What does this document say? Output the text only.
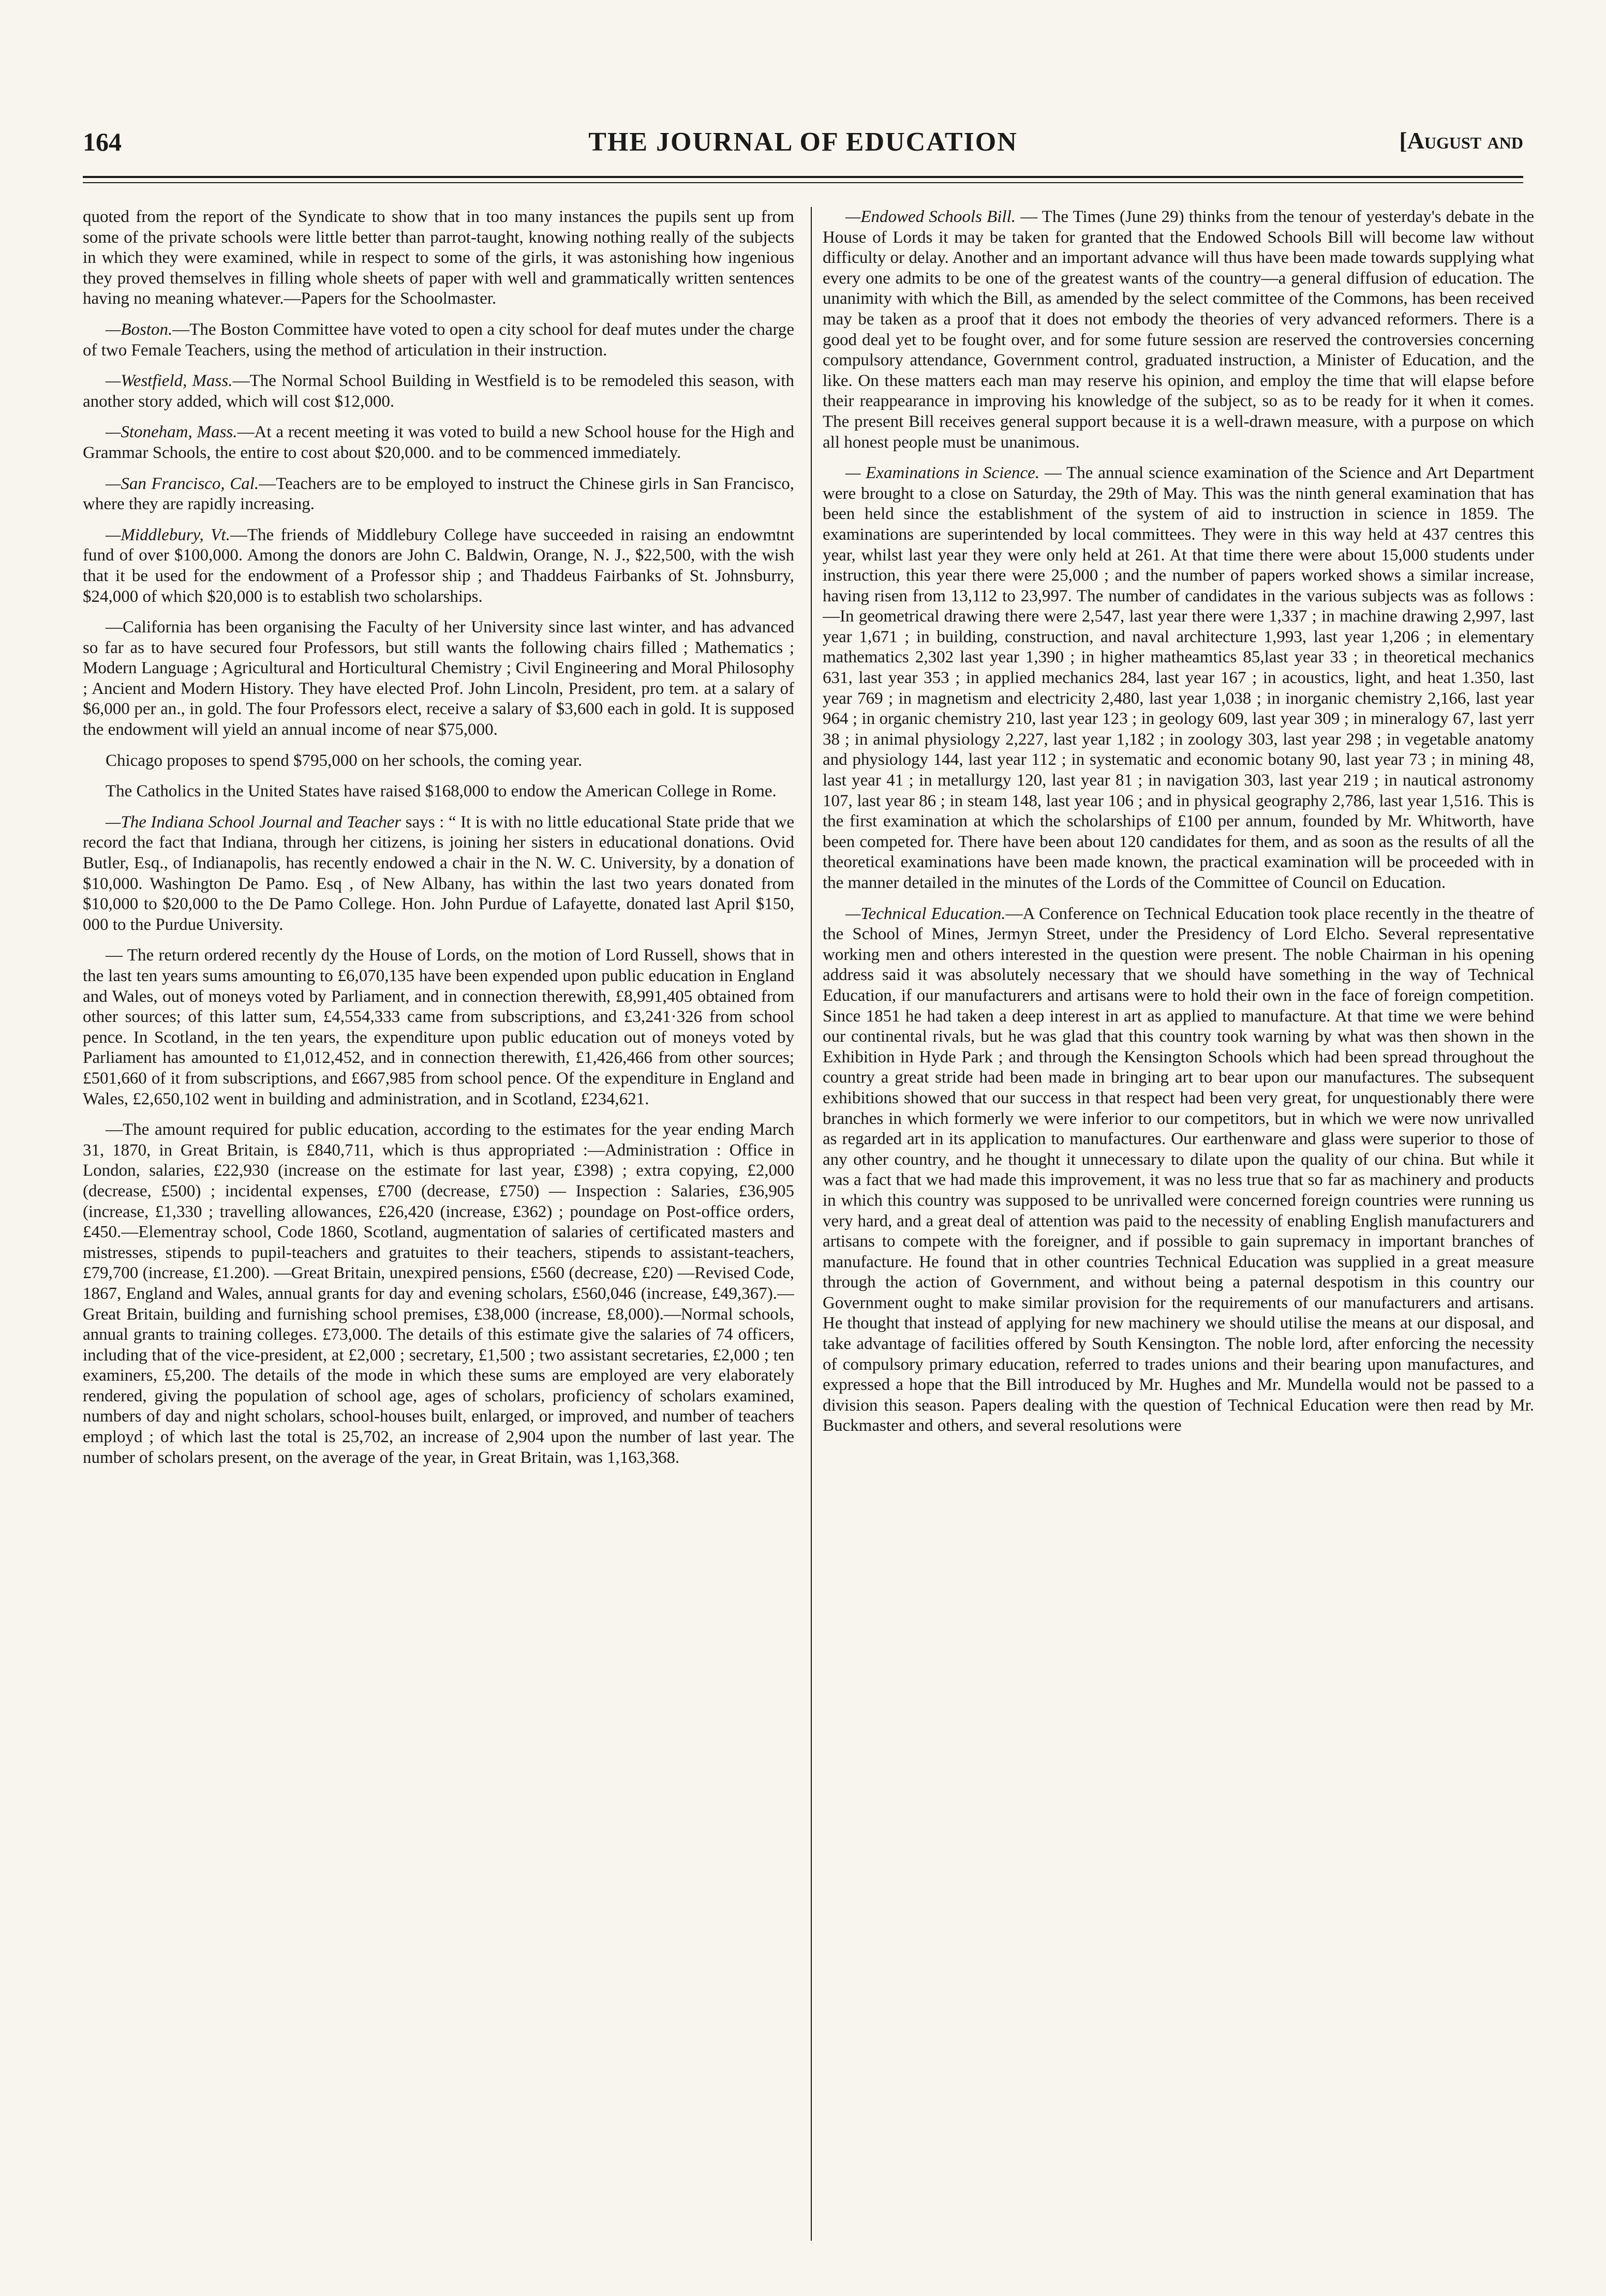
164	THE JOURNAL OF EDUCATION	[August and

quoted from the report of the Syndicate to show that in too many instances the pupils sent up from some of the private schools were little better than parrot-taught, knowing nothing really of the subjects in which they were examined, while in respect to some of the girls, it was astonishing how ingenious they proved themselves in filling whole sheets of paper with well and grammatically written sentences having no meaning whatever.—Papers for the Schoolmaster.

—Boston.—The Boston Committee have voted to open a city school for deaf mutes under the charge of two Female Teachers, using the method of articulation in their instruction.

—Westfield, Mass.—The Normal School Building in Westfield is to be remodeled this season, with another story added, which will cost $12,000.

—Stoneham, Mass.—At a recent meeting it was voted to build a new School house for the High and Grammar Schools, the entire to cost about $20,000. and to be commenced immediately.

—San Francisco, Cal.—Teachers are to be employed to instruct the Chinese girls in San Francisco, where they are rapidly increasing.

—Middlebury, Vt.—The friends of Middlebury College have succeeded in raising an endowmtnt fund of over $100,000. Among the donors are John C. Baldwin, Orange, N. J., $22,500, with the wish that it be used for the endowment of a Professor ship ; and Thaddeus Fairbanks of St. Johnsburry, $24,000 of which $20,000 is to establish two scholarships.

—California has been organising the Faculty of her University since last winter, and has advanced so far as to have secured four Professors, but still wants the following chairs filled ; Mathematics ; Modern Language ; Agricultural and Horticultural Chemistry ; Civil Engineering and Moral Philosophy ; Ancient and Modern History. They have elected Prof. John Lincoln, President, pro tem. at a salary of $6,000 per an., in gold. The four Professors elect, receive a salary of $3,600 each in gold. It is supposed the endowment will yield an annual income of near $75,000.

Chicago proposes to spend $795,000 on her schools, the coming year.

The Catholics in the United States have raised $168,000 to endow the American College in Rome.

—The Indiana School Journal and Teacher says : “ It is with no little educational State pride that we record the fact that Indiana, through her citizens, is joining her sisters in educational donations. Ovid Butler, Esq., of Indianapolis, has recently endowed a chair in the N. W. C. University, by a donation of $10,000. Washington De Pamo. Esq , of New Albany, has within the last two years donated from $10,000 to $20,000 to the De Pamo College. Hon. John Purdue of Lafayette, donated last April $150, 000 to the Purdue University.

— The return ordered recently dy the House of Lords, on the motion of Lord Russell, shows that in the last ten years sums amounting to £6,070,135 have been expended upon public education in England and Wales, out of moneys voted by Parliament, and in connection therewith, £8,991,405 obtained from other sources; of this latter sum, £4,554,333 came from subscriptions, and £3,241·326 from school pence. In Scotland, in the ten years, the expenditure upon public education out of moneys voted by Parliament has amounted to £1,012,452, and in connection therewith, £1,426,466 from other sources; £501,660 of it from subscriptions, and £667,985 from school pence. Of the expenditure in England and Wales, £2,650,102 went in building and administration, and in Scotland, £234,621.

—The amount required for public education, according to the estimates for the year ending March 31, 1870, in Great Britain, is £840,711, which is thus appropriated :—Administration : Office in London, salaries, £22,930 (increase on the estimate for last year, £398) ; extra copying, £2,000 (decrease, £500) ; incidental expenses, £700 (decrease, £750) — Inspection : Salaries, £36,905 (increase, £1,330 ; travelling allowances, £26,420 (increase, £362) ; poundage on Post-office orders, £450.—Elementray school, Code 1860, Scotland, augmentation of salaries of certificated masters and mistresses, stipends to pupil-teachers and gratuites to their teachers, stipends to assistant-teachers, £79,700 (increase, £1.200). —Great Britain, unexpired pensions, £560 (decrease, £20) —Revised Code, 1867, England and Wales, annual grants for day and evening scholars, £560,046 (increase, £49,367).—Great Britain, building and furnishing school premises, £38,000 (increase, £8,000).—Normal schools, annual grants to training colleges. £73,000. The details of this estimate give the salaries of 74 officers, including that of the vice-president, at £2,000 ; secretary, £1,500 ; two assistant secretaries, £2,000 ; ten examiners, £5,200. The details of the mode in which these sums are employed are very elaborately rendered, giving the population of school age, ages of scholars, proficiency of scholars examined, numbers of day and night scholars, school-houses built, enlarged, or improved, and number of teachers employd ; of which last the total is 25,702, an increase of 2,904 upon the number of last year. The number of scholars present, on the average of the year, in Great Britain, was 1,163,368.

—Endowed Schools Bill. — The Times (June 29) thinks from the tenour of yesterday's debate in the House of Lords it may be taken for granted that the Endowed Schools Bill will become law without difficulty or delay. Another and an important advance will thus have been made towards supplying what every one admits to be one of the greatest wants of the country—a general diffusion of education. The unanimity with which the Bill, as amended by the select committee of the Commons, has been received may be taken as a proof that it does not embody the theories of very advanced reformers. There is a good deal yet to be fought over, and for some future session are reserved the controversies concerning compulsory attendance, Government control, graduated instruction, a Minister of Education, and the like. On these matters each man may reserve his opinion, and employ the time that will elapse before their reappearance in improving his knowledge of the subject, so as to be ready for it when it comes. The present Bill receives general support because it is a well-drawn measure, with a purpose on which all honest people must be unanimous.

— Examinations in Science. — The annual science examination of the Science and Art Department were brought to a close on Saturday, the 29th of May. This was the ninth general examination that has been held since the establishment of the system of aid to instruction in science in 1859. The examinations are superintended by local committees. They were in this way held at 437 centres this year, whilst last year they were only held at 261. At that time there were about 15,000 students under instruction, this year there were 25,000 ; and the number of papers worked shows a similar increase, having risen from 13,112 to 23,997. The number of candidates in the various subjects was as follows :—In geometrical drawing there were 2,547, last year there were 1,337 ; in machine drawing 2,997, last year 1,671 ; in building, construction, and naval architecture 1,993, last year 1,206 ; in elementary mathematics 2,302 last year 1,390 ; in higher matheamtics 85,last year 33 ; in theoretical mechanics 631, last year 353 ; in applied mechanics 284, last year 167 ; in acoustics, light, and heat 1.350, last year 769 ; in magnetism and electricity 2,480, last year 1,038 ; in inorganic chemistry 2,166, last year 964 ; in organic chemistry 210, last year 123 ; in geology 609, last year 309 ; in mineralogy 67, last yerr 38 ; in animal physiology 2,227, last year 1,182 ; in zoology 303, last year 298 ; in vegetable anatomy and physiology 144, last year 112 ; in systematic and economic botany 90, last year 73 ; in mining 48, last year 41 ; in metallurgy 120, last year 81 ; in navigation 303, last year 219 ; in nautical astronomy 107, last year 86 ; in steam 148, last year 106 ; and in physical geography 2,786, last year 1,516. This is the first examination at which the scholarships of £100 per annum, founded by Mr. Whitworth, have been competed for. There have been about 120 candidates for them, and as soon as the results of all the theoretical examinations have been made known, the practical examination will be proceeded with in the manner detailed in the minutes of the Lords of the Committee of Council on Education.

—Technical Education.—A Conference on Technical Education took place recently in the theatre of the School of Mines, Jermyn Street, under the Presidency of Lord Elcho. Several representative working men and others interested in the question were present. The noble Chairman in his opening address said it was absolutely necessary that we should have something in the way of Technical Education, if our manufacturers and artisans were to hold their own in the face of foreign competition. Since 1851 he had taken a deep interest in art as applied to manufacture. At that time we were behind our continental rivals, but he was glad that this country took warning by what was then shown in the Exhibition in Hyde Park ; and through the Kensington Schools which had been spread throughout the country a great stride had been made in bringing art to bear upon our manufactures. The subsequent exhibitions showed that our success in that respect had been very great, for unquestionably there were branches in which formerly we were inferior to our competitors, but in which we were now unrivalled as regarded art in its application to manufactures. Our earthenware and glass were superior to those of any other country, and he thought it unnecessary to dilate upon the quality of our china. But while it was a fact that we had made this improvement, it was no less true that so far as machinery and products in which this country was supposed to be unrivalled were concerned foreign countries were running us very hard, and a great deal of attention was paid to the necessity of enabling English manufacturers and artisans to compete with the foreigner, and if possible to gain supremacy in important branches of manufacture. He found that in other countries Technical Education was supplied in a great measure through the action of Government, and without being a paternal despotism in this country our Government ought to make similar provision for the requirements of our manufacturers and artisans. He thought that instead of applying for new machinery we should utilise the means at our disposal, and take advantage of facilities offered by South Kensington. The noble lord, after enforcing the necessity of compulsory primary education, referred to trades unions and their bearing upon manufactures, and expressed a hope that the Bill introduced by Mr. Hughes and Mr. Mundella would not be passed to a division this season. Papers dealing with the question of Technical Education were then read by Mr. Buckmaster and others, and several resolutions were
